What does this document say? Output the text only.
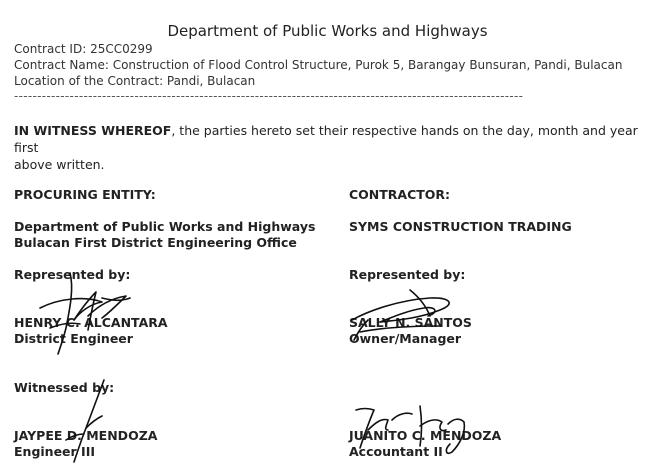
Department of Public Works and Highways
Contract ID: 25CC0299
Contract Name: Construction of Flood Control Structure, Purok 5, Barangay Bunsuran, Pandi, Bulacan
Location of the Contract: Pandi, Bulacan
--------------------------------------------------------------------------------------------------------------
IN WITNESS WHEREOF, the parties hereto set their respective hands on the day, month and year first
above written.
PROCURING ENTITY:
Department of Public Works and Highways
Bulacan First District Engineering Office
Represented by:
HENRY C. ALCANTARA
District Engineer
CONTRACTOR:
SYMS CONSTRUCTION TRADING
Represented by:
SALLY N. SANTOS
Owner/Manager
Witnessed by:
JAYPEE D. MENDOZA
Engineer III
JUANITO C. MENDOZA
Accountant II
